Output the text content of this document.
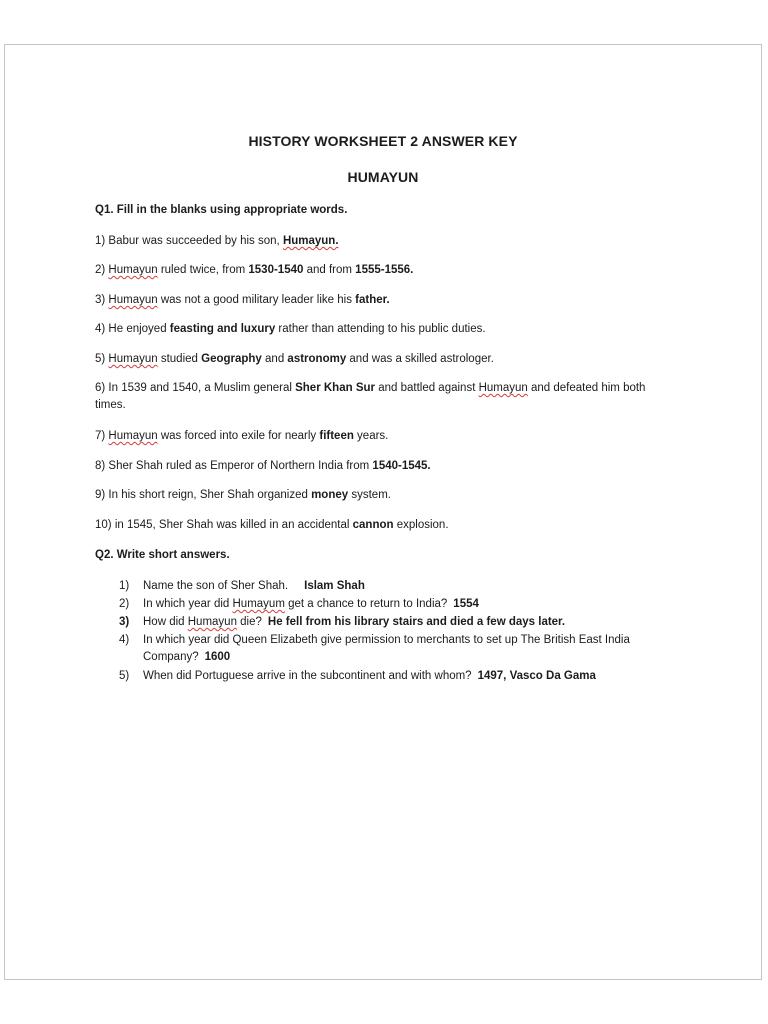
HISTORY WORKSHEET 2 ANSWER KEY
HUMAYUN
Q1. Fill in the blanks using appropriate words.
1) Babur was succeeded by his son, Humayun.
2) Humayun ruled twice, from 1530-1540 and from 1555-1556.
3) Humayun was not a good military leader like his father.
4) He enjoyed feasting and luxury rather than attending to his public duties.
5) Humayun studied Geography and astronomy and was a skilled astrologer.
6) In 1539 and 1540, a Muslim general Sher Khan Sur and battled against Humayun and defeated him both times.
7) Humayun was forced into exile for nearly fifteen years.
8) Sher Shah ruled as Emperor of Northern India from 1540-1545.
9) In his short reign, Sher Shah organized money system.
10) in 1545, Sher Shah was killed in an accidental cannon explosion.
Q2. Write short answers.
1) Name the son of Sher Shah. Islam Shah
2) In which year did Humayum get a chance to return to India? 1554
3) How did Humayun die? He fell from his library stairs and died a few days later.
4) In which year did Queen Elizabeth give permission to merchants to set up The British East India Company? 1600
5) When did Portuguese arrive in the subcontinent and with whom? 1497, Vasco Da Gama
